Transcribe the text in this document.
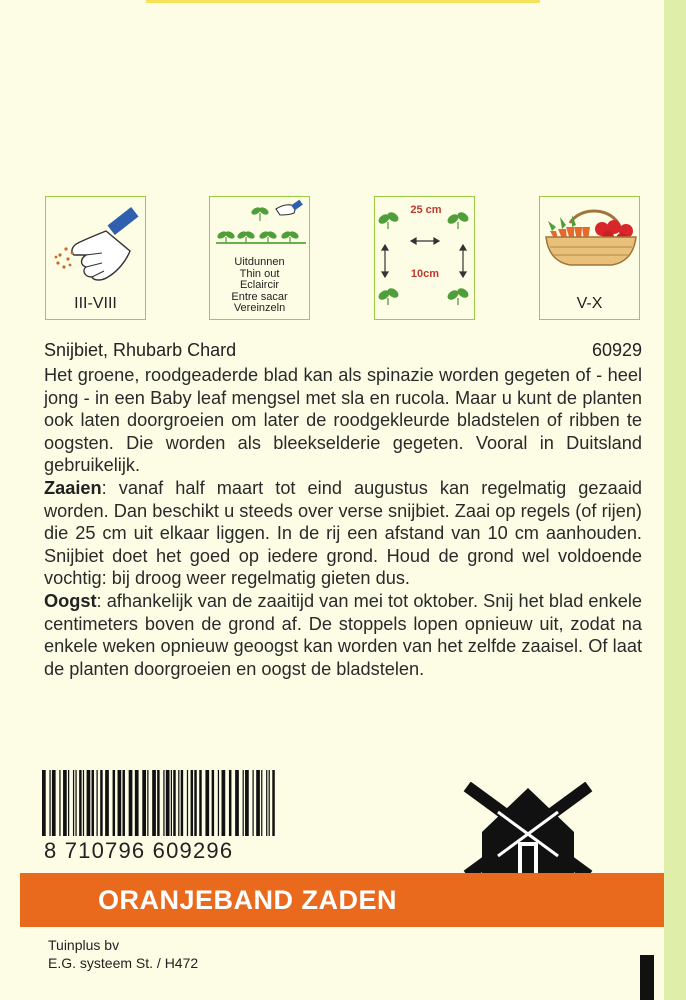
III-VIII
Uitdunnen
Thin out
Eclaircir
Entre sacar
Vereinzeln
25 cm
10cm
V-X
Snijbiet, Rhubarb Chard	60929

Het groene, roodgeaderde blad kan als spinazie worden gegeten of - heel jong - in een Baby leaf mengsel met sla en rucola. Maar u kunt de planten ook laten doorgroeien om later de roodgekleurde bladstelen of ribben te oogsten. Die worden als bleekselderie gegeten. Vooral in Duitsland gebruikelijk.

Zaaien: vanaf half maart tot eind augustus kan regelmatig gezaaid worden. Dan beschikt u steeds over verse snijbiet. Zaai op regels (of rijen) die 25 cm uit elkaar liggen. In de rij een afstand van 10 cm aanhouden. Snijbiet doet het goed op iedere grond. Houd de grond wel voldoende vochtig: bij droog weer regelmatig gieten dus.

Oogst: afhankelijk van de zaaitijd van mei tot oktober. Snij het blad enkele centimeters boven de grond af. De stoppels lopen opnieuw uit, zodat na enkele weken opnieuw geoogst kan worden van het zelfde zaaisel. Of laat de planten doorgroeien en oogst de bladstelen.

8 710796 609296
ORANJEBAND ZADEN
Tuinplus bv
E.G. systeem St. / H472
